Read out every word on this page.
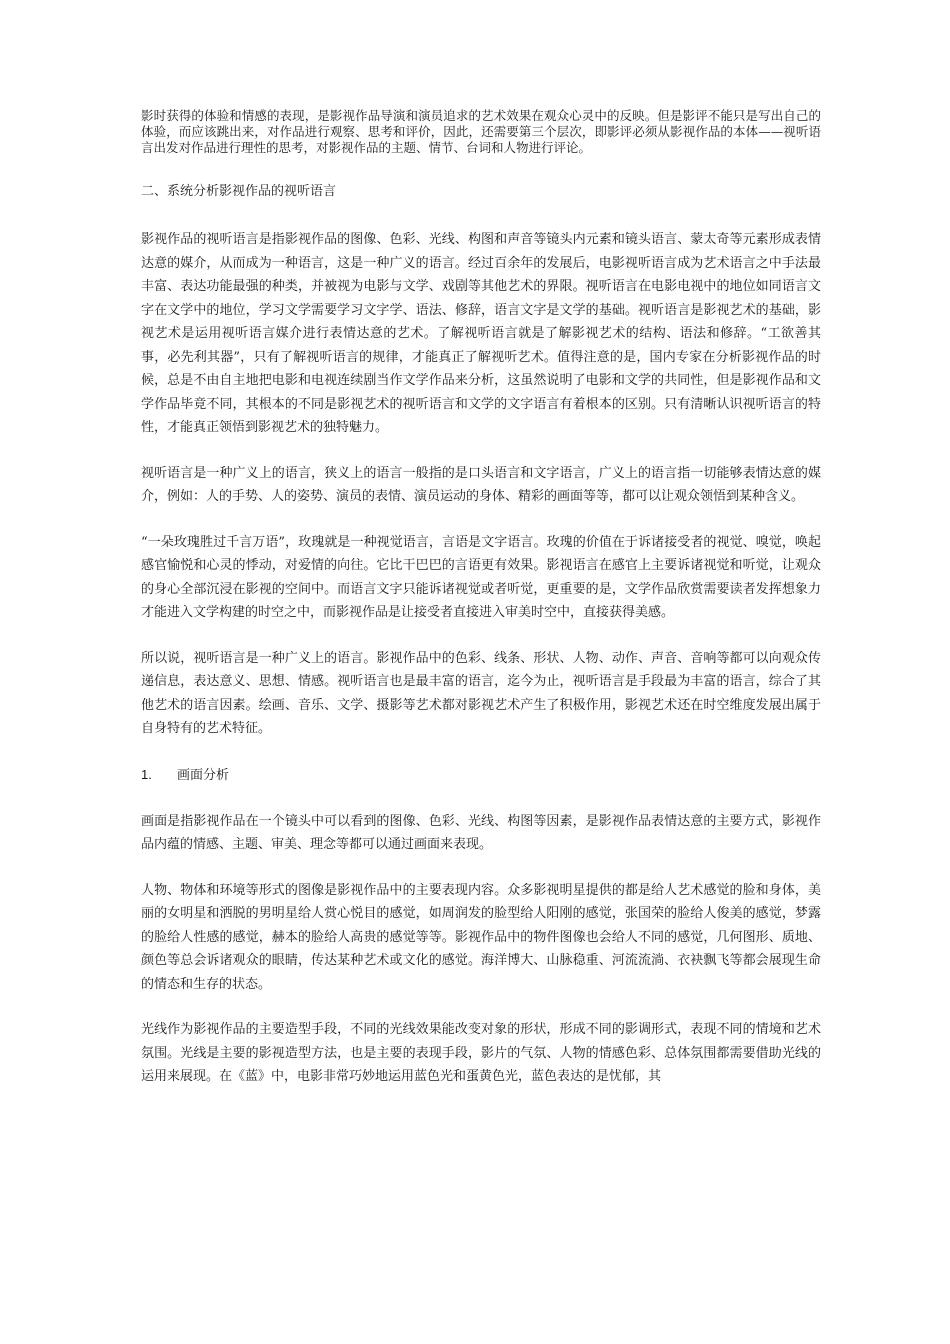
影时获得的体验和情感的表现，是影视作品导演和演员追求的艺术效果在观众心灵中的反映。但是影评不能只是写出自己的体验，而应该跳出来，对作品进行观察、思考和评价，因此，还需要第三个层次，即影评必须从影视作品的本体——视听语言出发对作品进行理性的思考，对影视作品的主题、情节、台词和人物进行评论。

二、系统分析影视作品的视听语言

影视作品的视听语言是指影视作品的图像、色彩、光线、构图和声音等镜头内元素和镜头语言、蒙太奇等元素形成表情达意的媒介，从而成为一种语言，这是一种广义的语言。经过百余年的发展后，电影视听语言成为艺术语言之中手法最丰富、表达功能最强的种类，并被视为电影与文学、戏剧等其他艺术的界限。视听语言在电影电视中的地位如同语言文字在文学中的地位，学习文学需要学习文字学、语法、修辞，语言文字是文学的基础。视听语言是影视艺术的基础，影视艺术是运用视听语言媒介进行表情达意的艺术。了解视听语言就是了解影视艺术的结构、语法和修辞。“工欲善其事，必先利其器”，只有了解视听语言的规律，才能真正了解视听艺术。值得注意的是，国内专家在分析影视作品的时候，总是不由自主地把电影和电视连续剧当作文学作品来分析，这虽然说明了电影和文学的共同性，但是影视作品和文学作品毕竟不同，其根本的不同是影视艺术的视听语言和文学的文字语言有着根本的区别。只有清晰认识视听语言的特性，才能真正领悟到影视艺术的独特魅力。

视听语言是一种广义上的语言，狭义上的语言一般指的是口头语言和文字语言，广义上的语言指一切能够表情达意的媒介，例如：人的手势、人的姿势、演员的表情、演员运动的身体、精彩的画面等等，都可以让观众领悟到某种含义。

“一朵玫瑰胜过千言万语”，玫瑰就是一种视觉语言，言语是文字语言。玫瑰的价值在于诉诸接受者的视觉、嗅觉，唤起感官愉悦和心灵的悸动，对爱情的向往。它比干巴巴的言语更有效果。影视语言在感官上主要诉诸视觉和听觉，让观众的身心全部沉浸在影视的空间中。而语言文字只能诉诸视觉或者听觉，更重要的是，文学作品欣赏需要读者发挥想象力才能进入文学构建的时空之中，而影视作品是让接受者直接进入审美时空中，直接获得美感。

所以说，视听语言是一种广义上的语言。影视作品中的色彩、线条、形状、人物、动作、声音、音响等都可以向观众传递信息，表达意义、思想、情感。视听语言也是最丰富的语言，迄今为止，视听语言是手段最为丰富的语言，综合了其他艺术的语言因素。绘画、音乐、文学、摄影等艺术都对影视艺术产生了积极作用，影视艺术还在时空维度发展出属于自身特有的艺术特征。

1. 画面分析

画面是指影视作品在一个镜头中可以看到的图像、色彩、光线、构图等因素，是影视作品表情达意的主要方式，影视作品内蕴的情感、主题、审美、理念等都可以通过画面来表现。

人物、物体和环境等形式的图像是影视作品中的主要表现内容。众多影视明星提供的都是给人艺术感觉的脸和身体，美丽的女明星和洒脱的男明星给人赏心悦目的感觉，如周润发的脸型给人阳刚的感觉，张国荣的脸给人俊美的感觉，梦露的脸给人性感的感觉，赫本的脸给人高贵的感觉等等。影视作品中的物件图像也会给人不同的感觉，几何图形、质地、颜色等总会诉诸观众的眼睛，传达某种艺术或文化的感觉。海洋博大、山脉稳重、河流流淌、衣袂飘飞等都会展现生命的情态和生存的状态。

光线作为影视作品的主要造型手段，不同的光线效果能改变对象的形状，形成不同的影调形式，表现不同的情境和艺术氛围。光线是主要的影视造型方法，也是主要的表现手段，影片的气氛、人物的情感色彩、总体氛围都需要借助光线的运用来展现。在《蓝》中，电影非常巧妙地运用蓝色光和蛋黄色光，蓝色表达的是忧郁，其
